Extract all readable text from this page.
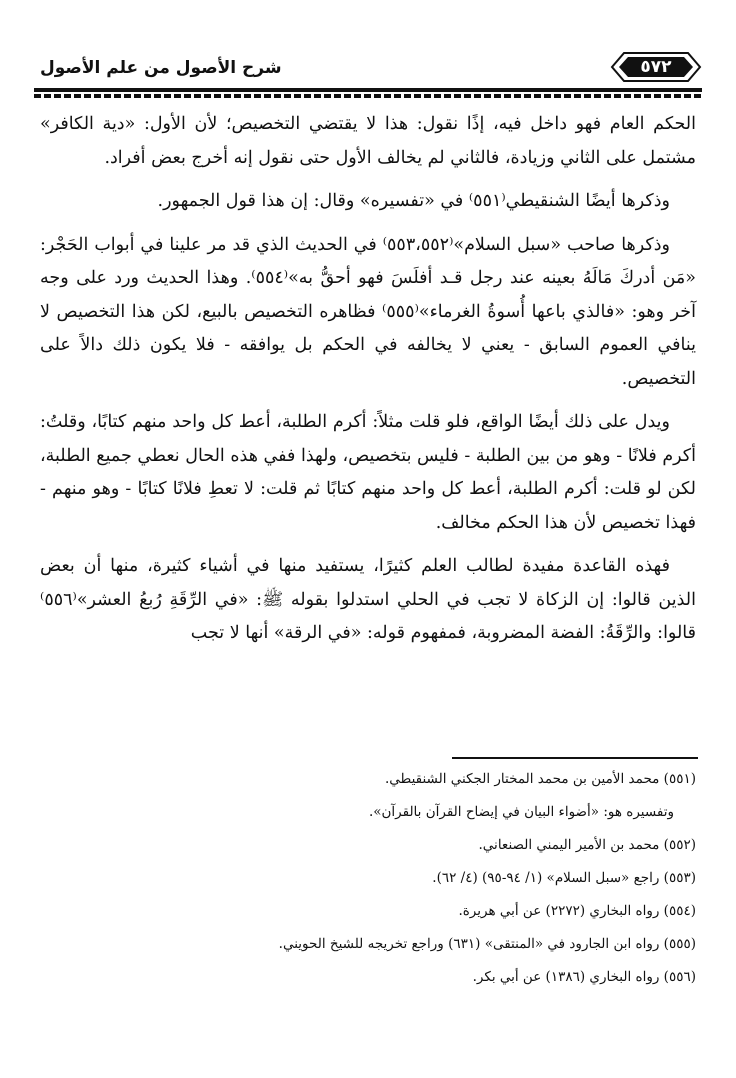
٥٧٢
شرح الأصول من علم الأصول

الحكم العام فهو داخل فيه، إذًا نقول: هذا لا يقتضي التخصيص؛ لأن الأول: «دية الكافر» مشتمل على الثاني وزيادة، فالثاني لم يخالف الأول حتى نقول إنه أخرج بعض أفراد.

وذكرها أيضًا الشنقيطي⁽٥٥١⁾ في «تفسيره» وقال: إن هذا قول الجمهور.

وذكرها صاحب «سبل السلام»⁽٥٥٣،٥٥٢⁾ في الحديث الذي قد مر علينا في أبواب الحَجْر: «مَن أدركَ مَالَهُ بعينه عند رجل قـد أفلَسَ فهو أحقُّ به»⁽٥٥٤⁾. وهذا الحديث ورد على وجه آخر وهو: «فالذي باعها أُسوةُ الغرماء»⁽٥٥٥⁾ فظاهره التخصيص بالبيع، لكن هذا التخصيص لا ينافي العموم السابق - يعني لا يخالفه في الحكم بل يوافقه - فلا يكون ذلك دالاً على التخصيص.

ويدل على ذلك أيضًا الواقع، فلو قلت مثلاً: أكرم الطلبة، أعط كل واحد منهم كتابًا، وقلتُ: أكرم فلانًا - وهو من بين الطلبة - فليس بتخصيص، ولهذا ففي هذه الحال نعطي جميع الطلبة، لكن لو قلت: أكرم الطلبة، أعط كل واحد منهم كتابًا ثم قلت: لا تعطِ فلانًا كتابًا - وهو منهم - فهذا تخصيص لأن هذا الحكم مخالف.

فهذه القاعدة مفيدة لطالب العلم كثيرًا، يستفيد منها في أشياء كثيرة، منها أن بعض الذين قالوا: إن الزكاة لا تجب في الحلي استدلوا بقوله ﷺ: «في الرِّقَةِ رُبعُ العشر»⁽٥٥٦⁾ قالوا: والرِّقَةُ: الفضة المضروبة، فمفهوم قوله: «في الرقة» أنها لا تجب

(٥٥١) محمد الأمين بن محمد المختار الجكني الشنقيطي.

وتفسيره هو: «أضواء البيان في إيضاح القرآن بالقرآن».

(٥٥٢) محمد بن الأمير اليمني الصنعاني.

(٥٥٣) راجع «سبل السلام» (١/ ٩٤-٩٥) (٤/ ٦٢).

(٥٥٤) رواه البخاري (٢٢٧٢) عن أبي هريرة.

(٥٥٥) رواه ابن الجارود في «المنتقى» (٦٣١) وراجع تخريجه للشيخ الحويني.

(٥٥٦) رواه البخاري (١٣٨٦) عن أبي بكر.
